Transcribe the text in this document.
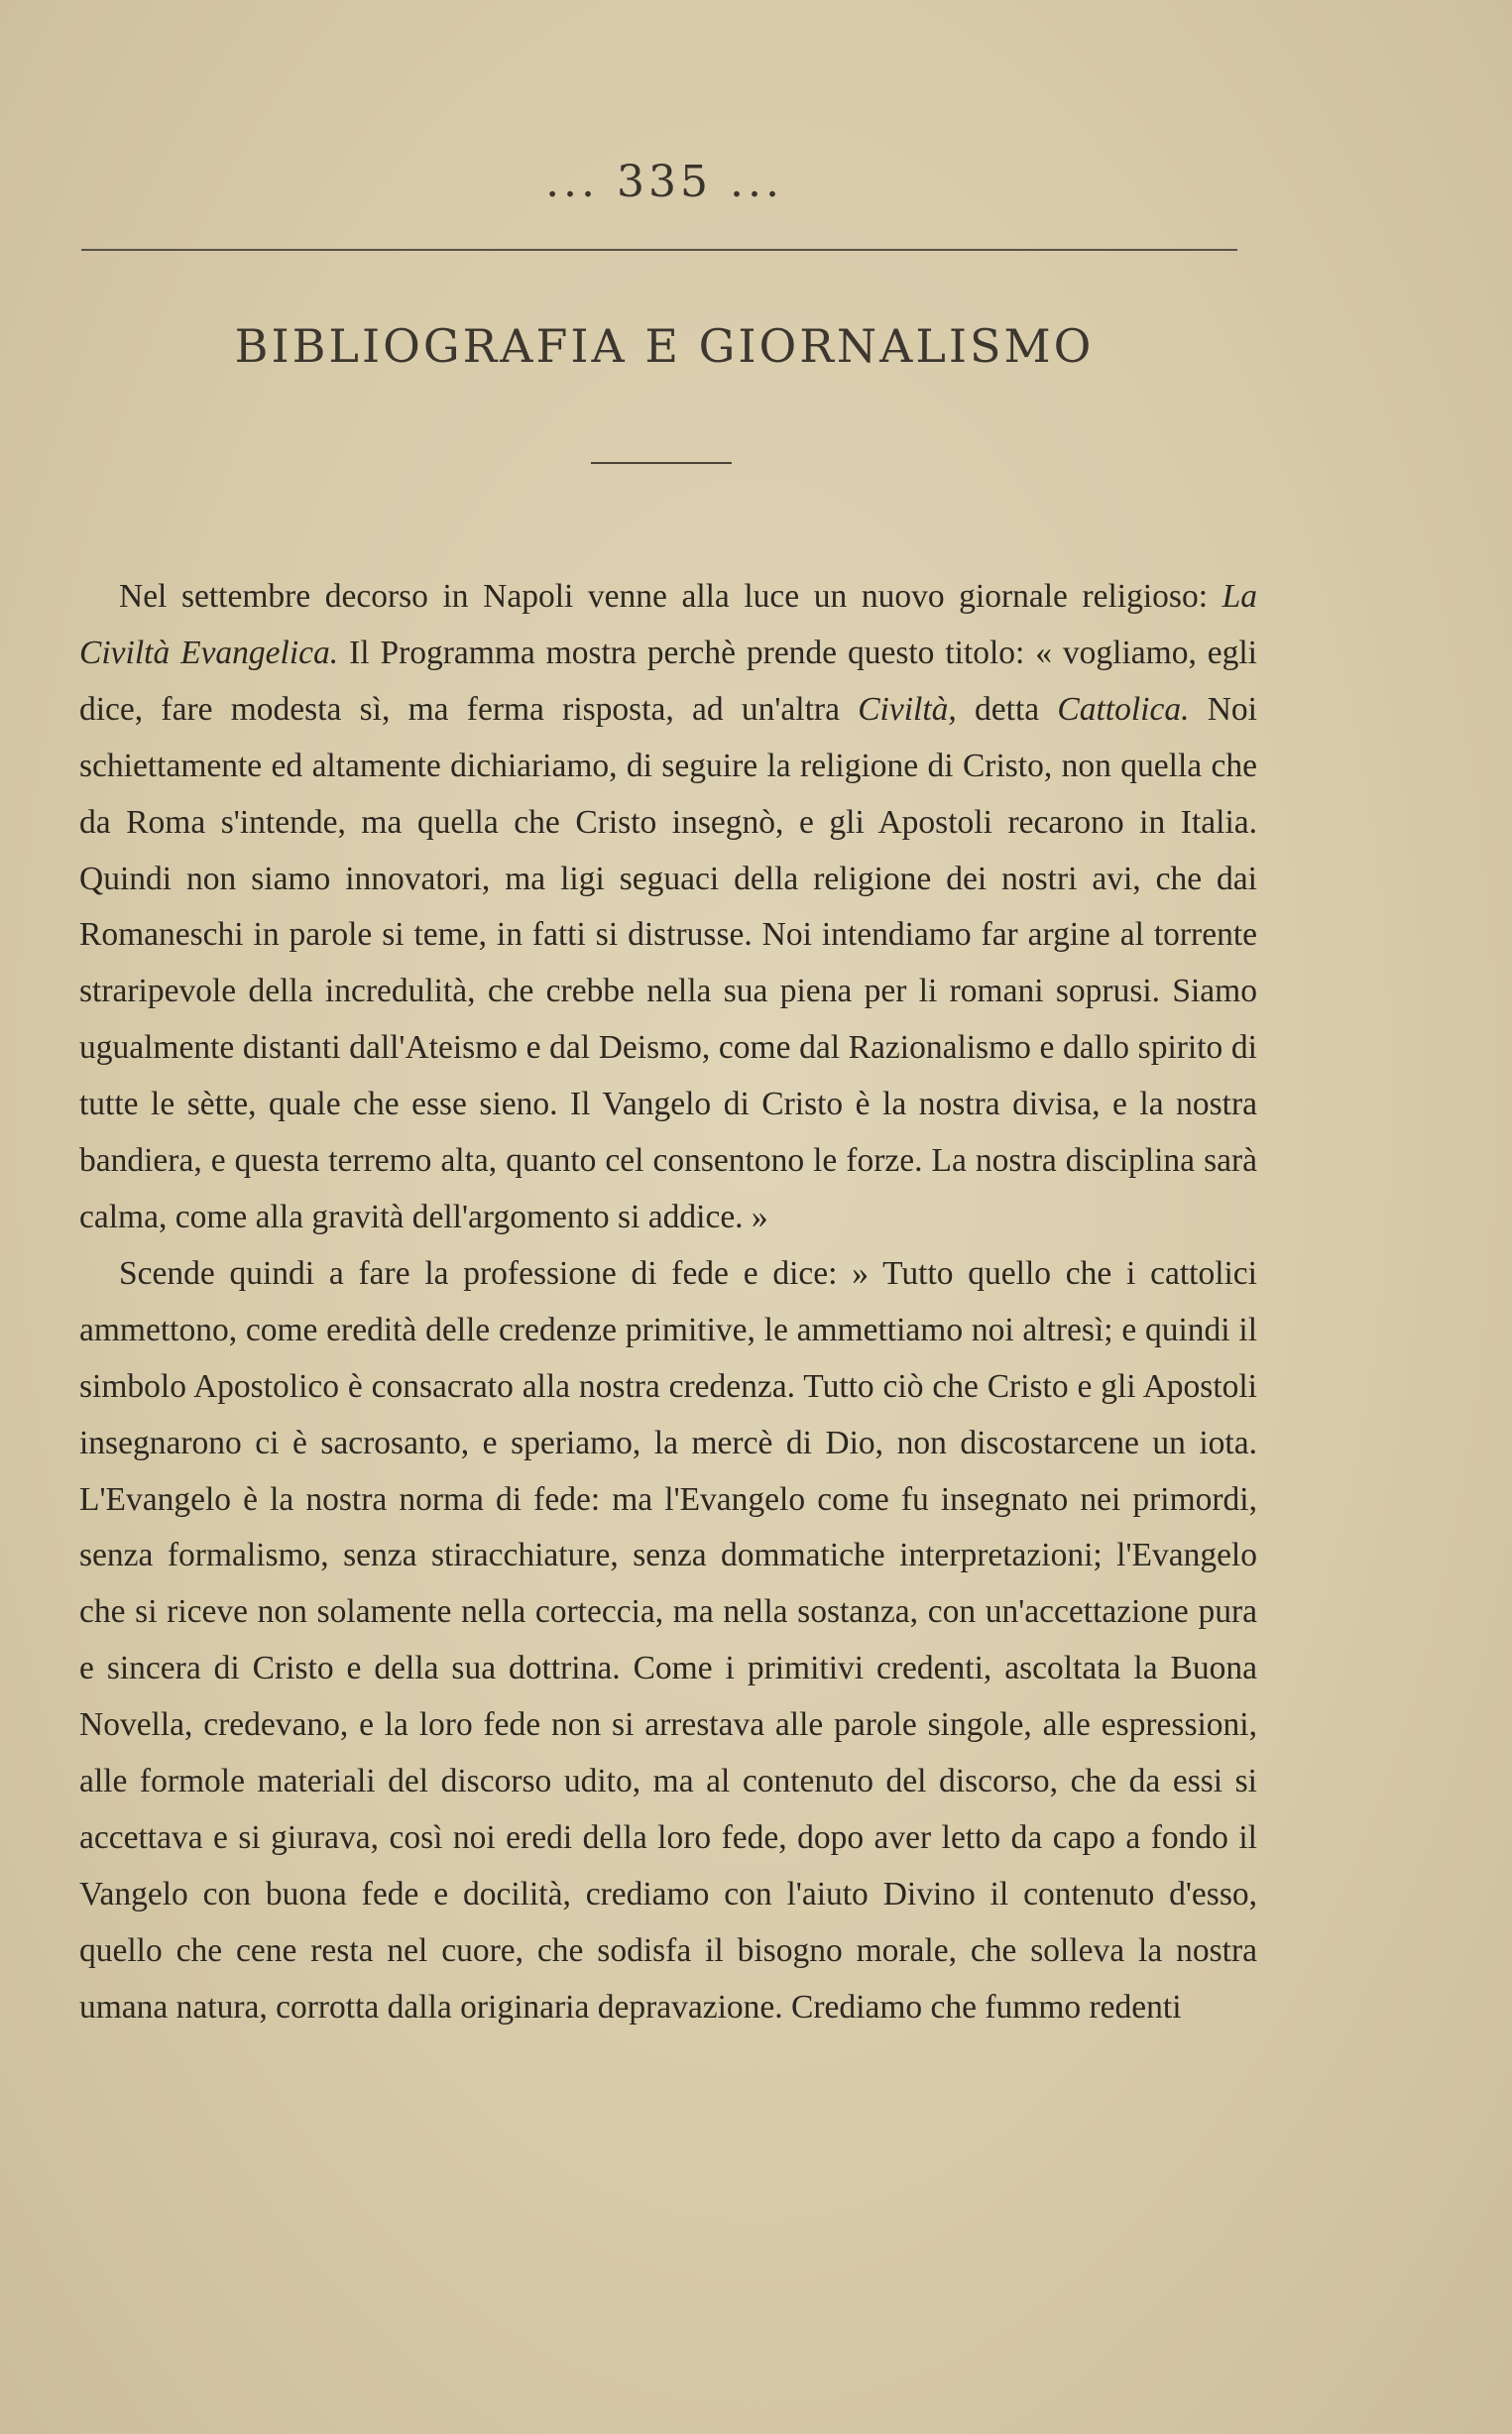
... 335 ...
BIBLIOGRAFIA E GIORNALISMO

Nel settembre decorso in Napoli venne alla luce un nuovo giornale religioso: La Civiltà Evangelica. Il Programma mostra perchè prende questo titolo: « vogliamo, egli dice, fare modesta sì, ma ferma risposta, ad un'altra Civiltà, detta Cattolica. Noi schiettamente ed altamente dichiariamo, di seguire la religione di Cristo, non quella che da Roma s'intende, ma quella che Cristo insegnò, e gli Apostoli recarono in Italia. Quindi non siamo innovatori, ma ligi seguaci della religione dei nostri avi, che dai Romaneschi in parole si teme, in fatti si distrusse. Noi intendiamo far argine al torrente straripevole della incredulità, che crebbe nella sua piena per li romani soprusi. Siamo ugualmente distanti dall'Ateismo e dal Deismo, come dal Razionalismo e dallo spirito di tutte le sètte, quale che esse sieno. Il Vangelo di Cristo è la nostra divisa, e la nostra bandiera, e questa terremo alta, quanto cel consentono le forze. La nostra disciplina sarà calma, come alla gravità dell'argomento si addice. »

Scende quindi a fare la professione di fede e dice: » Tutto quello che i cattolici ammettono, come eredità delle credenze primitive, le ammettiamo noi altresì; e quindi il simbolo Apostolico è consacrato alla nostra credenza. Tutto ciò che Cristo e gli Apostoli insegnarono ci è sacrosanto, e speriamo, la mercè di Dio, non discostarcene un iota. L'Evangelo è la nostra norma di fede: ma l'Evangelo come fu insegnato nei primordi, senza formalismo, senza stiracchiature, senza dommatiche interpretazioni; l'Evangelo che si riceve non solamente nella corteccia, ma nella sostanza, con un'accettazione pura e sincera di Cristo e della sua dottrina. Come i primitivi credenti, ascoltata la Buona Novella, credevano, e la loro fede non si arrestava alle parole singole, alle espressioni, alle formole materiali del discorso udito, ma al contenuto del discorso, che da essi si accettava e si giurava, così noi eredi della loro fede, dopo aver letto da capo a fondo il Vangelo con buona fede e docilità, crediamo con l'aiuto Divino il contenuto d'esso, quello che cene resta nel cuore, che sodisfa il bisogno morale, che solleva la nostra umana natura, corrotta dalla originaria depravazione. Crediamo che fummo redenti
